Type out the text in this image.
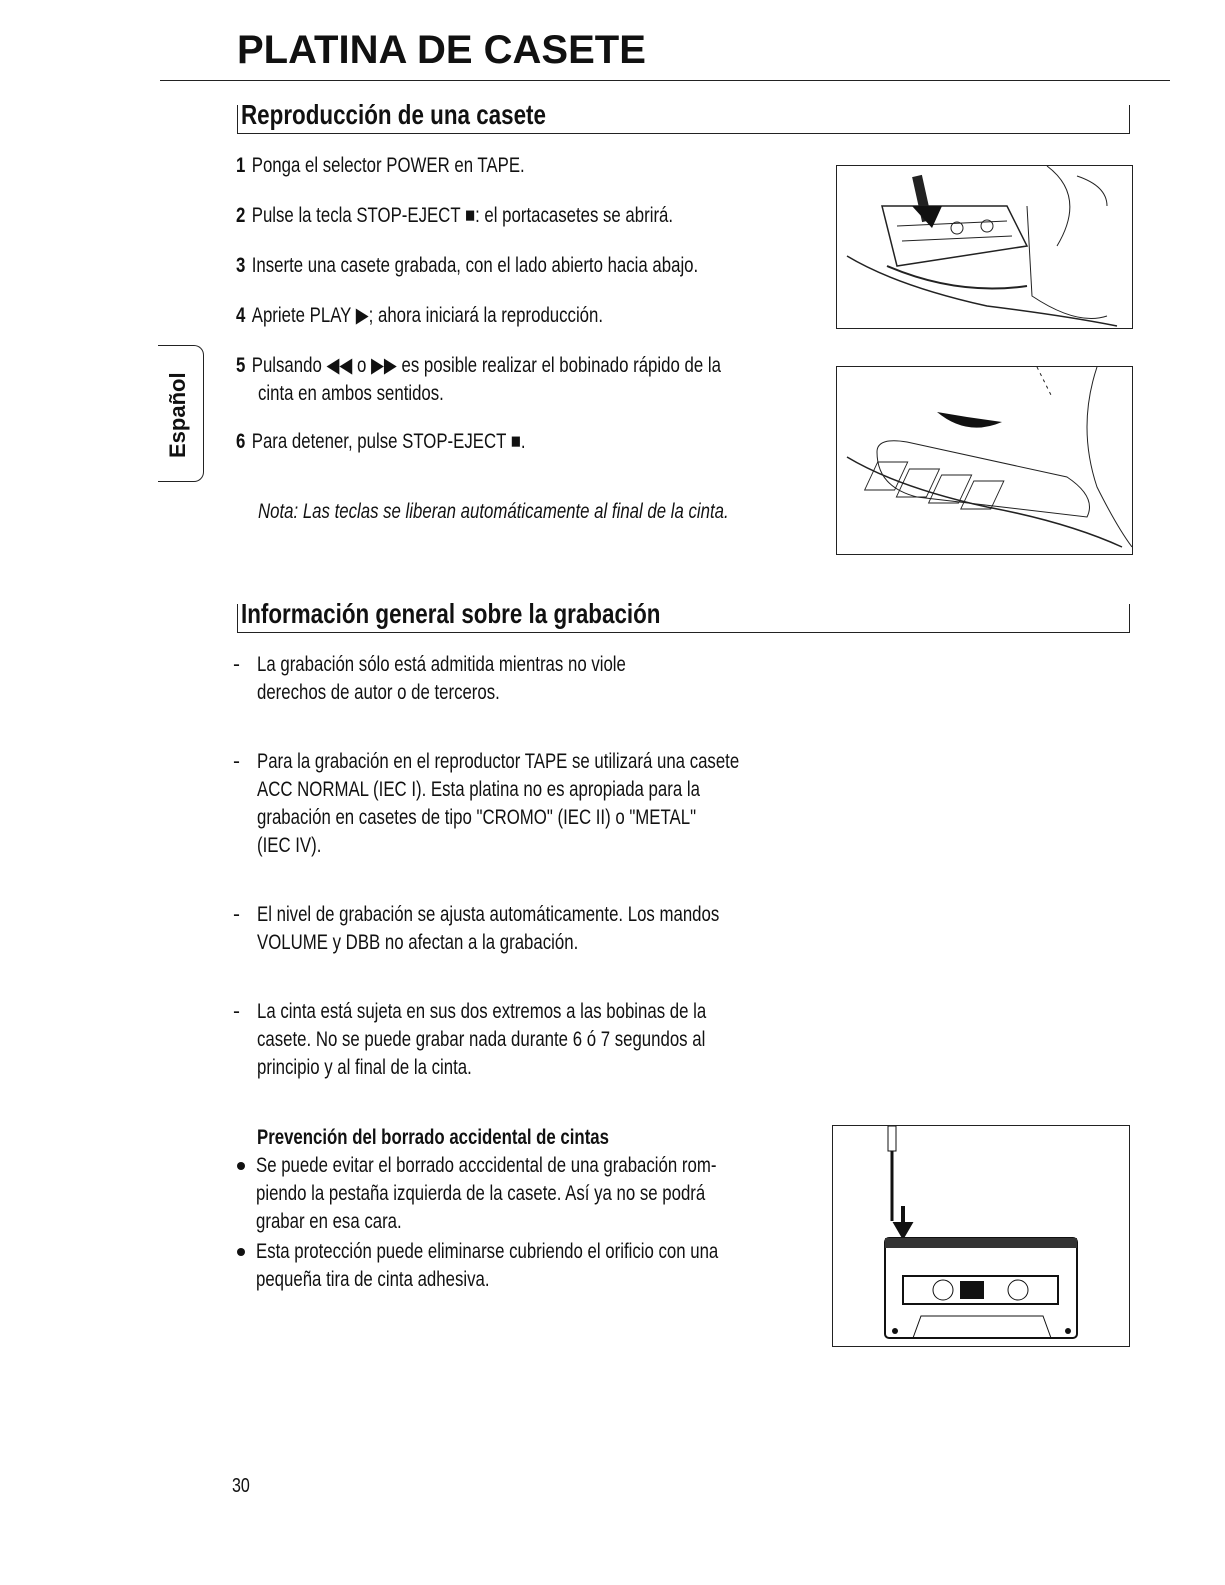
PLATINA DE CASETE
Español
Reproducción de una casete
1 Ponga el selector POWER en TAPE.
2 Pulse la tecla STOP-EJECT ■: el portacasetes se abrirá.
3 Inserte una casete grabada, con el lado abierto hacia abajo.
4 Apriete PLAY ▶; ahora iniciará la reproducción.
5 Pulsando ◀◀ o ▶▶ es posible realizar el bobinado rápido de la
cinta en ambos sentidos.
6 Para detener, pulse STOP-EJECT ■.
Nota: Las teclas se liberan automáticamente al final de la cinta.
Información general sobre la grabación
- La grabación sólo está admitida mientras no viole
derechos de autor o de terceros.
- Para la grabación en el reproductor TAPE se utilizará una casete
ACC NORMAL (IEC I). Esta platina no es apropiada para la
grabación en casetes de tipo "CROMO" (IEC II) o "METAL"
(IEC IV).
- El nivel de grabación se ajusta automáticamente. Los mandos
VOLUME y DBB no afectan a la grabación.
- La cinta está sujeta en sus dos extremos a las bobinas de la
casete. No se puede grabar nada durante 6 ó 7 segundos al
principio y al final de la cinta.
Prevención del borrado accidental de cintas
Se puede evitar el borrado acccidental de una grabación rom-
piendo la pestaña izquierda de la casete. Así ya no se podrá
grabar en esa cara.
Esta protección puede eliminarse cubriendo el orificio con una
pequeña tira de cinta adhesiva.
30
